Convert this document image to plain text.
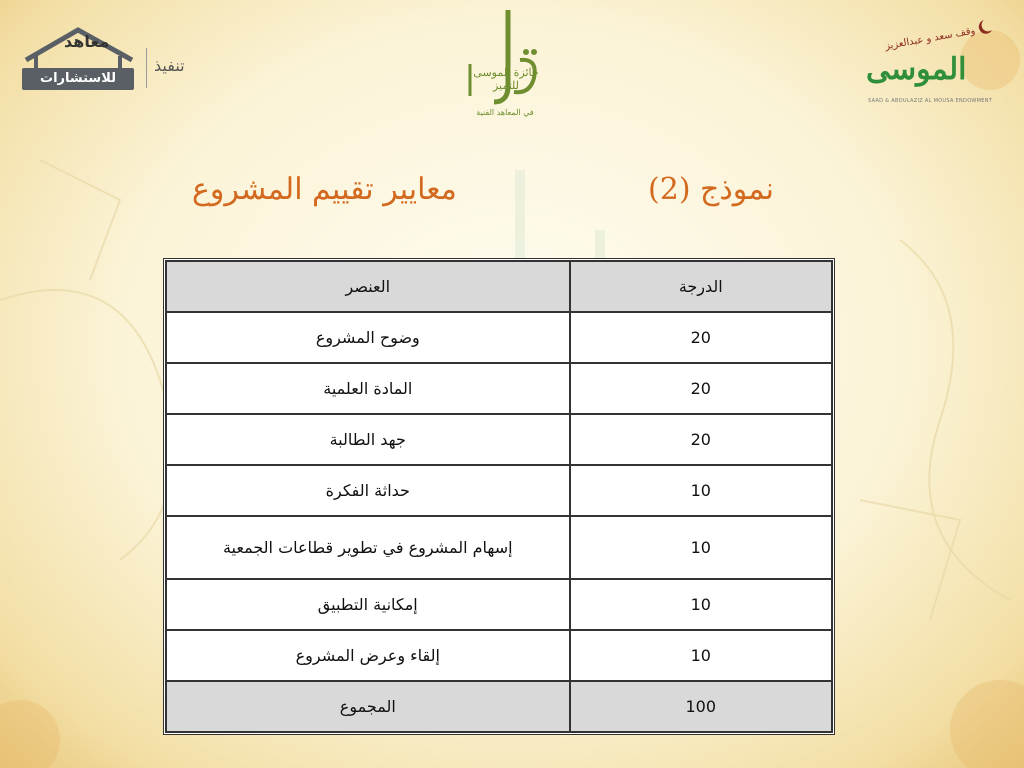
معاهد
للاستشارات
تنفيذ	جائزة الموسى للتميز
في المعاهد الفنية
وقف سعد و عبدالعزيز
الموسى
SAAD & ABDULAZIZ AL MOUSA ENDOWMENT
نموذج (2)
معايير تقييم المشروع
الدرجة	العنصر
20	وضوح المشروع
20	المادة العلمية
20	جهد الطالبة
10	حداثة الفكرة
10	إسهام المشروع في تطوير قطاعات الجمعية
10	إمكانية التطبيق
10	إلقاء وعرض المشروع
100	المجموع
